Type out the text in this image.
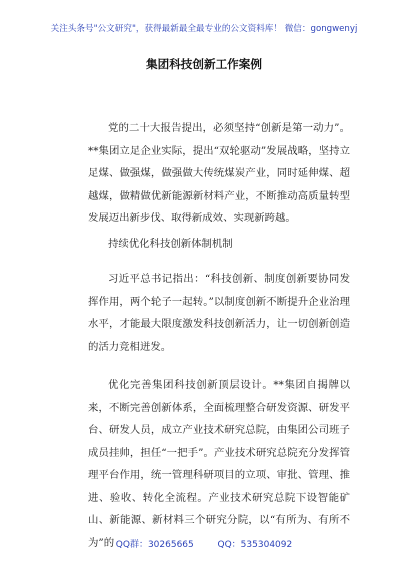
关注头条号"公文研究"，获得最新最全最专业的公文资料库！ 微信：gongwenyj
集团科技创新工作案例
党的二十大报告提出，必须坚持“创新是第一动力”。**集团立足企业实际，提出“双轮驱动”发展战略，坚持立足煤、做强煤，做强做大传统煤炭产业，同时延伸煤、超越煤，做精做优新能源新材料产业，不断推动高质量转型发展迈出新步伐、取得新成效、实现新跨越。
持续优化科技创新体制机制
习近平总书记指出：“科技创新、制度创新要协同发挥作用，两个轮子一起转。”以制度创新不断提升企业治理水平，才能最大限度激发科技创新活力，让一切创新创造的活力竞相迸发。
优化完善集团科技创新顶层设计。**集团自揭牌以来，不断完善创新体系，全面梳理整合研发资源、研发平台、研发人员，成立产业技术研究总院，由集团公司班子成员挂帅，担任“一把手”。产业技术研究总院充分发挥管理平台作用，统一管理科研项目的立项、审批、管理、推进、验收、转化全流程。产业技术研究总院下设智能矿山、新能源、新材料三个研究分院，以“有所为、有所不为”的 QQ群：30265665	QQ：535304092
